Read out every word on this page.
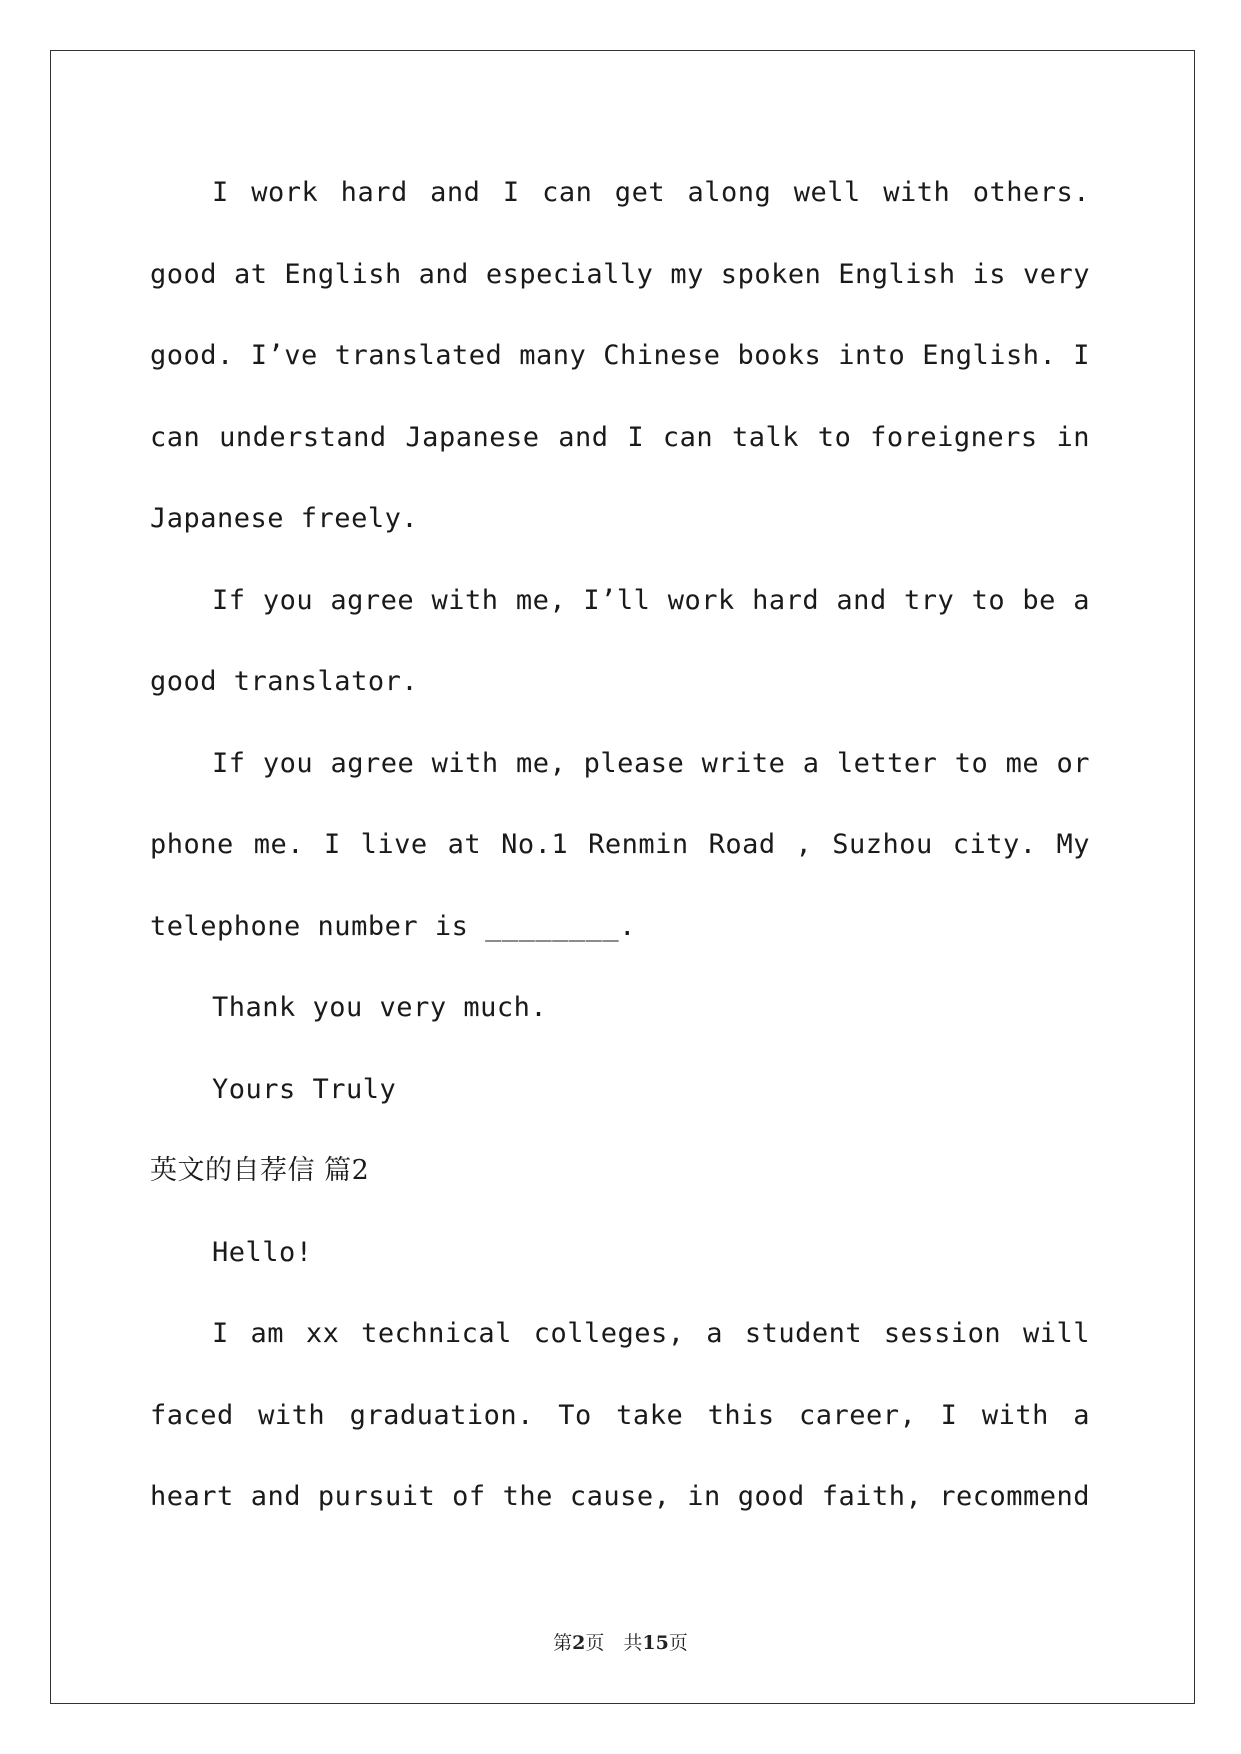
I work hard and I can get along well with others.
good at English and especially my spoken English is very
good. I’ve translated many Chinese books into English. I
can understand Japanese and I can talk to foreigners in
Japanese freely.
If you agree with me, I’ll work hard and try to be a
good translator.
If you agree with me, please write a letter to me or
phone me. I live at No.1 Renmin Road , Suzhou city. My
telephone number is ________.
Thank you very much.
Yours Truly
英文的自荐信 篇2
Hello!
I am xx technical colleges, a student session will
faced with graduation. To take this career, I with a
heart and pursuit of the cause, in good faith, recommend
第2页　共15页
